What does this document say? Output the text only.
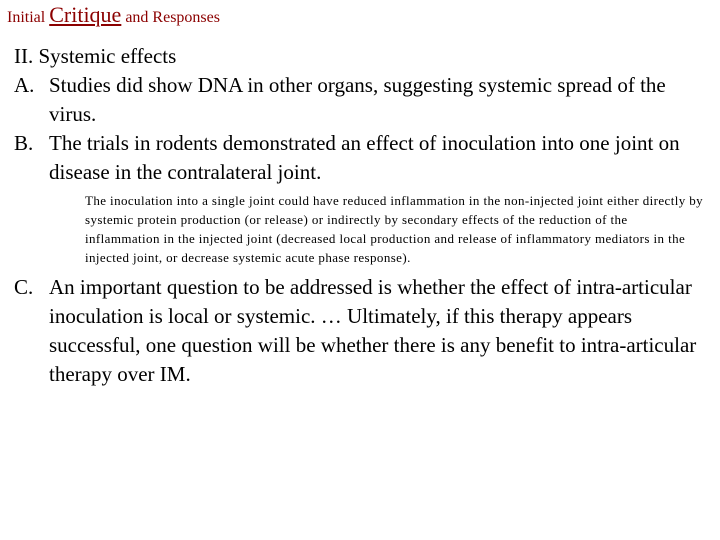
Initial Critique and Responses
II. Systemic effects
A. Studies did show DNA in other organs, suggesting systemic spread of the virus.
B. The trials in rodents demonstrated an effect of inoculation into one joint on disease in the contralateral joint.
The inoculation into a single joint could have reduced inflammation in the non-injected joint either directly by systemic protein production (or release) or indirectly by secondary effects of the reduction of the inflammation in the injected joint (decreased local production and release of inflammatory mediators in the injected joint, or decrease systemic acute phase response).
C. An important question to be addressed is whether the effect of intra-articular inoculation is local or systemic. … Ultimately, if this therapy appears successful, one question will be whether there is any benefit to intra-articular therapy over IM.
